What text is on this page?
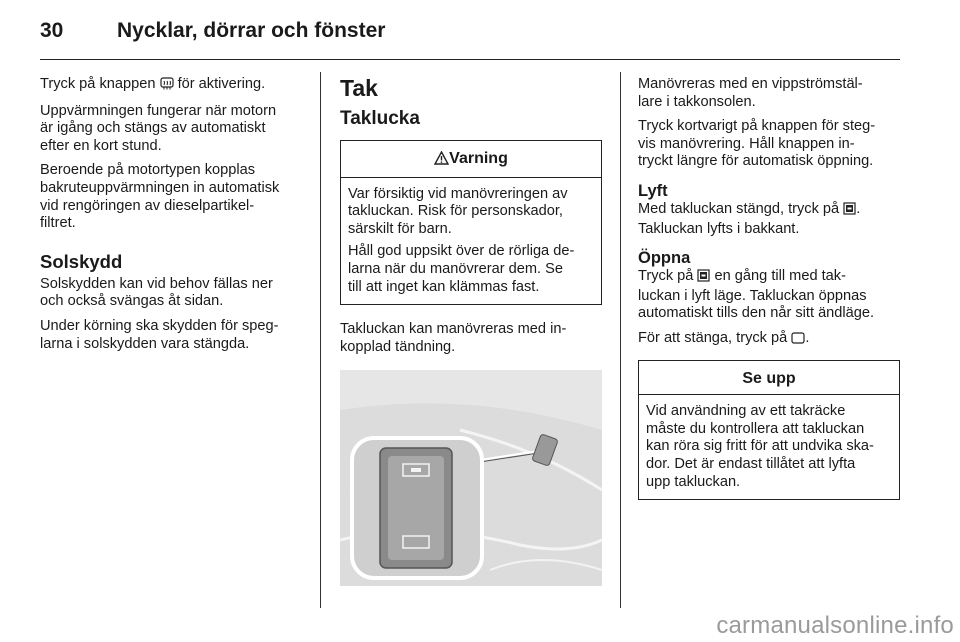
30	Nycklar, dörrar och fönster

Tryck på knappen  för aktivering.

Uppvärmningen fungerar när motorn
är igång och stängs av automatiskt
efter en kort stund.

Beroende på motortypen kopplas
bakruteuppvärmningen in automatisk
vid rengöringen av dieselpartikel-
filtret.

Solskydd

Solskydden kan vid behov fällas ner
och också svängas åt sidan.

Under körning ska skydden för speg-
larna i solskydden vara stängda.

Tak
Taklucka
Varning

Var försiktig vid manövreringen av
takluckan. Risk för personskador,
särskilt för barn.

Håll god uppsikt över de rörliga de-
larna när du manövrerar dem. Se
till att inget kan klämmas fast.

Takluckan kan manövreras med in-
kopplad tändning.

Manövreras med en vippströmstäl-
lare i takkonsolen.

Tryck kortvarigt på knappen för steg-
vis manövrering. Håll knappen in-
tryckt längre för automatisk öppning.

Lyft

Med takluckan stängd, tryck på .
Takluckan lyfts i bakkant.

Öppna

Tryck på  en gång till med tak-
luckan i lyft läge. Takluckan öppnas
automatiskt tills den når sitt ändläge.

För att stänga, tryck på .

Se upp

Vid användning av ett takräcke
måste du kontrollera att takluckan
kan röra sig fritt för att undvika ska-
dor. Det är endast tillåtet att lyfta
upp takluckan.

carmanualsonline.info
